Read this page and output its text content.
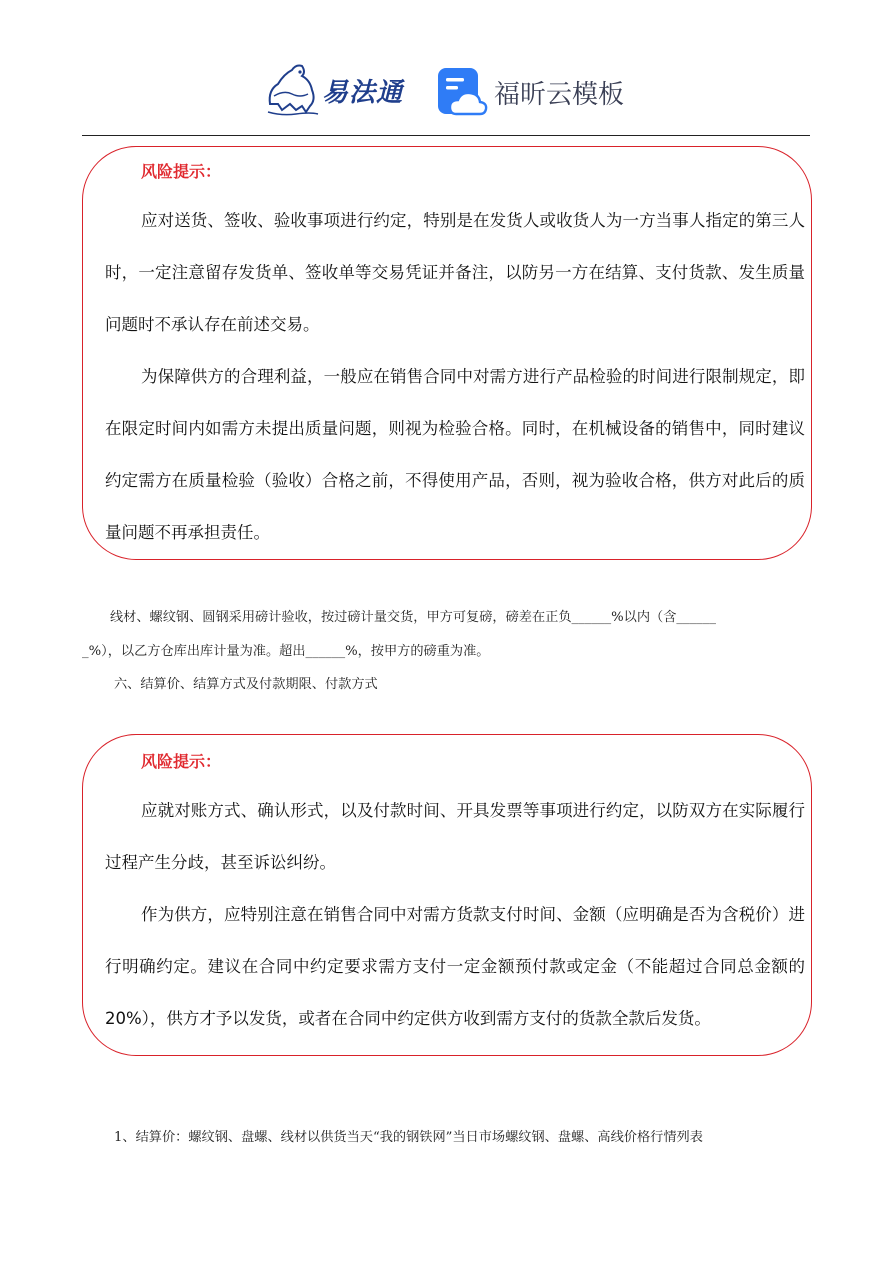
易法通	福昕云模板
风险提示：
应对送货、签收、验收事项进行约定，特别是在发货人或收货人为一方当事人指定的第三人时，一定注意留存发货单、签收单等交易凭证并备注，以防另一方在结算、支付货款、发生质量问题时不承认存在前述交易。
为保障供方的合理利益，一般应在销售合同中对需方进行产品检验的时间进行限制规定，即在限定时间内如需方未提出质量问题，则视为检验合格。同时，在机械设备的销售中，同时建议约定需方在质量检验（验收）合格之前，不得使用产品，否则，视为验收合格，供方对此后的质量问题不再承担责任。
线材、螺纹钢、圆钢采用磅计验收，按过磅计量交货，甲方可复磅，磅差在正负______%以内（含______
_%），以乙方仓库出库计量为准。超出______%，按甲方的磅重为准。
六、结算价、结算方式及付款期限、付款方式
风险提示：
应就对账方式、确认形式，以及付款时间、开具发票等事项进行约定，以防双方在实际履行过程产生分歧，甚至诉讼纠纷。
作为供方，应特别注意在销售合同中对需方货款支付时间、金额（应明确是否为含税价）进行明确约定。建议在合同中约定要求需方支付一定金额预付款或定金（不能超过合同总金额的 20%），供方才予以发货，或者在合同中约定供方收到需方支付的货款全款后发货。
1、结算价：螺纹钢、盘螺、线材以供货当天“我的钢铁网”当日市场螺纹钢、盘螺、高线价格行情列表
